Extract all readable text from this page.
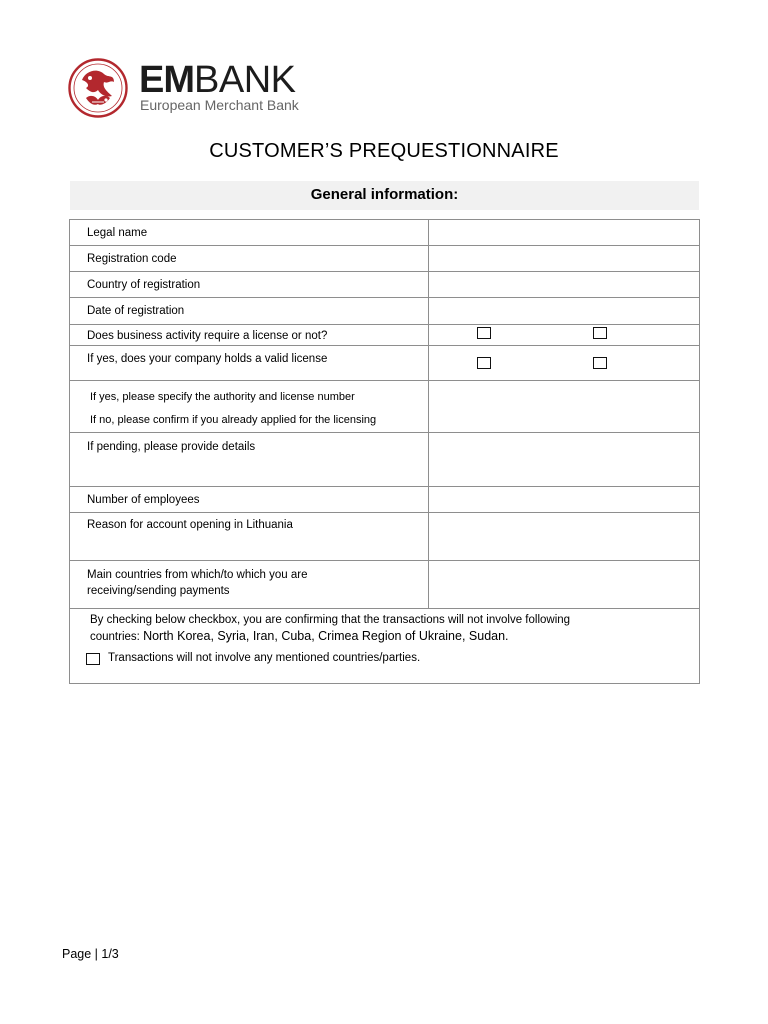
EMBANK
European Merchant Bank
CUSTOMER’S PREQUESTIONNAIRE
General information:
Legal name	

Registration code	

Country of registration	

Date of registration	

Does business activity require a license or not?	

If yes, does your company holds a valid license	

If yes, please specify the authority and license number
If no, please confirm if you already applied for the licensing	

If pending, please provide details	

Number of employees	

Reason for account opening in Lithuania	

Main countries from which/to which you are
receiving/sending payments	

By checking below checkbox, you are confirming that the transactions will not involve following
countries: North Korea, Syria, Iran, Cuba, Crimea Region of Ukraine, Sudan.
Transactions will not involve any mentioned countries/parties.	
Page | 1/3
